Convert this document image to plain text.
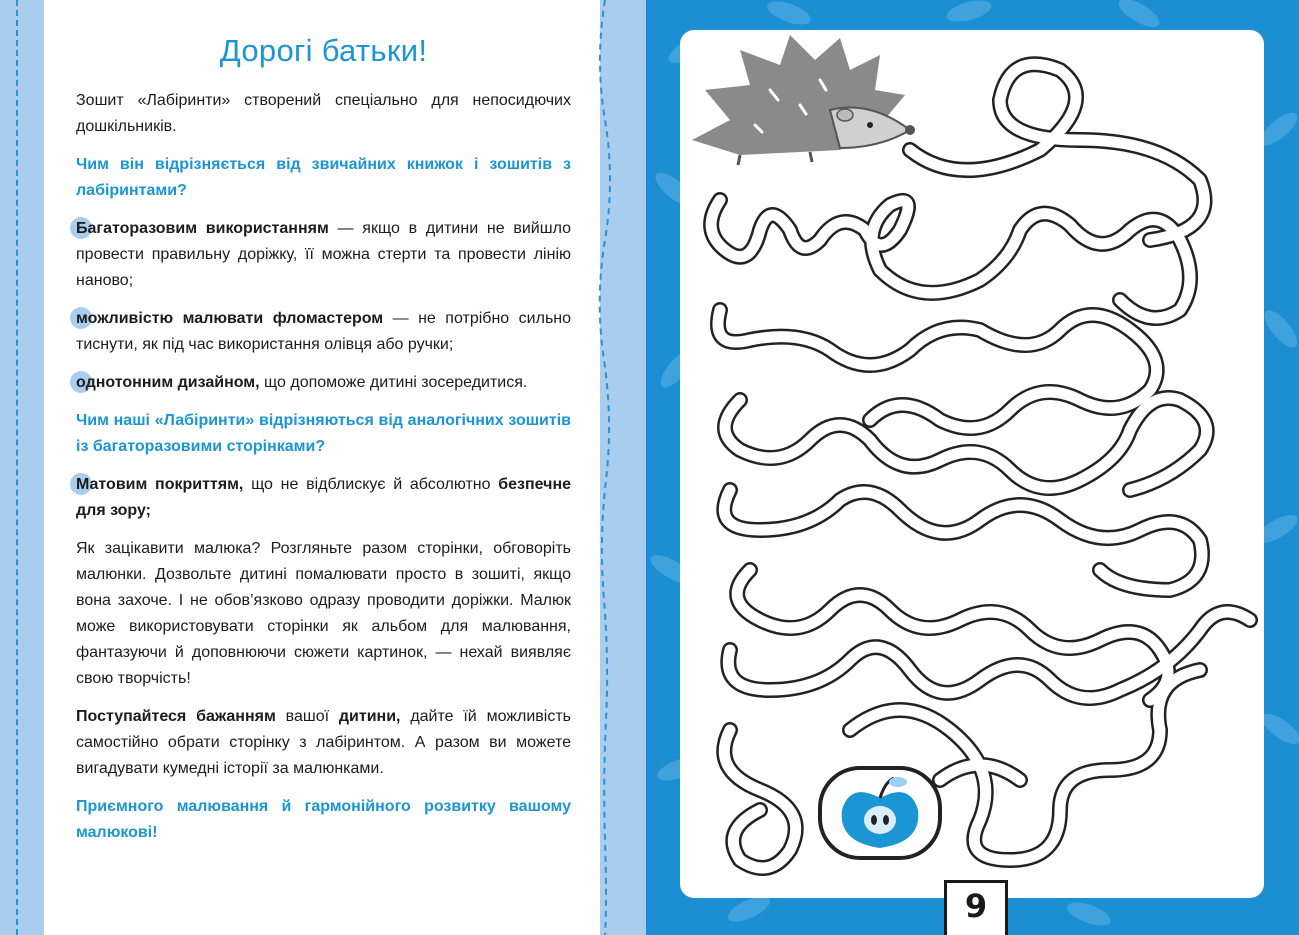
Дорогі батьки!

Зошит «Лабіринти» створений спеціально для непосидючих дошкільників.

Чим він відрізняється від звичайних книжок і зошитів з лабіринтами?

Багаторазовим використанням — якщо в дитини не вийшло провести правильну доріжку, її можна стерти та провести лінію наново;

можливістю малювати фломастером — не потрібно сильно тиснути, як під час використання олівця або ручки;

однотонним дизайном, що допоможе дитині зосередитися.

Чим наші «Лабіринти» відрізняються від аналогічних зошитів із багаторазовими сторінками?

Матовим покриттям, що не відблискує й абсолютно безпечне для зору;

Як зацікавити малюка? Розгляньте разом сторінки, обговоріть малюнки. Дозвольте дитині помалювати просто в зошиті, якщо вона захоче. І не обов’язково одразу проводити доріжки. Малюк може використовувати сторінки як альбом для малювання, фантазуючи й доповнюючи сюжети картинок, — нехай виявляє свою творчість!

Поступайтеся бажанням вашої дитини, дайте їй можливість самостійно обрати сторінку з лабіринтом. А разом ви можете вигадувати кумедні історії за малюнками.

Приємного малювання й гармонійного розвитку вашому малюкові!

9
